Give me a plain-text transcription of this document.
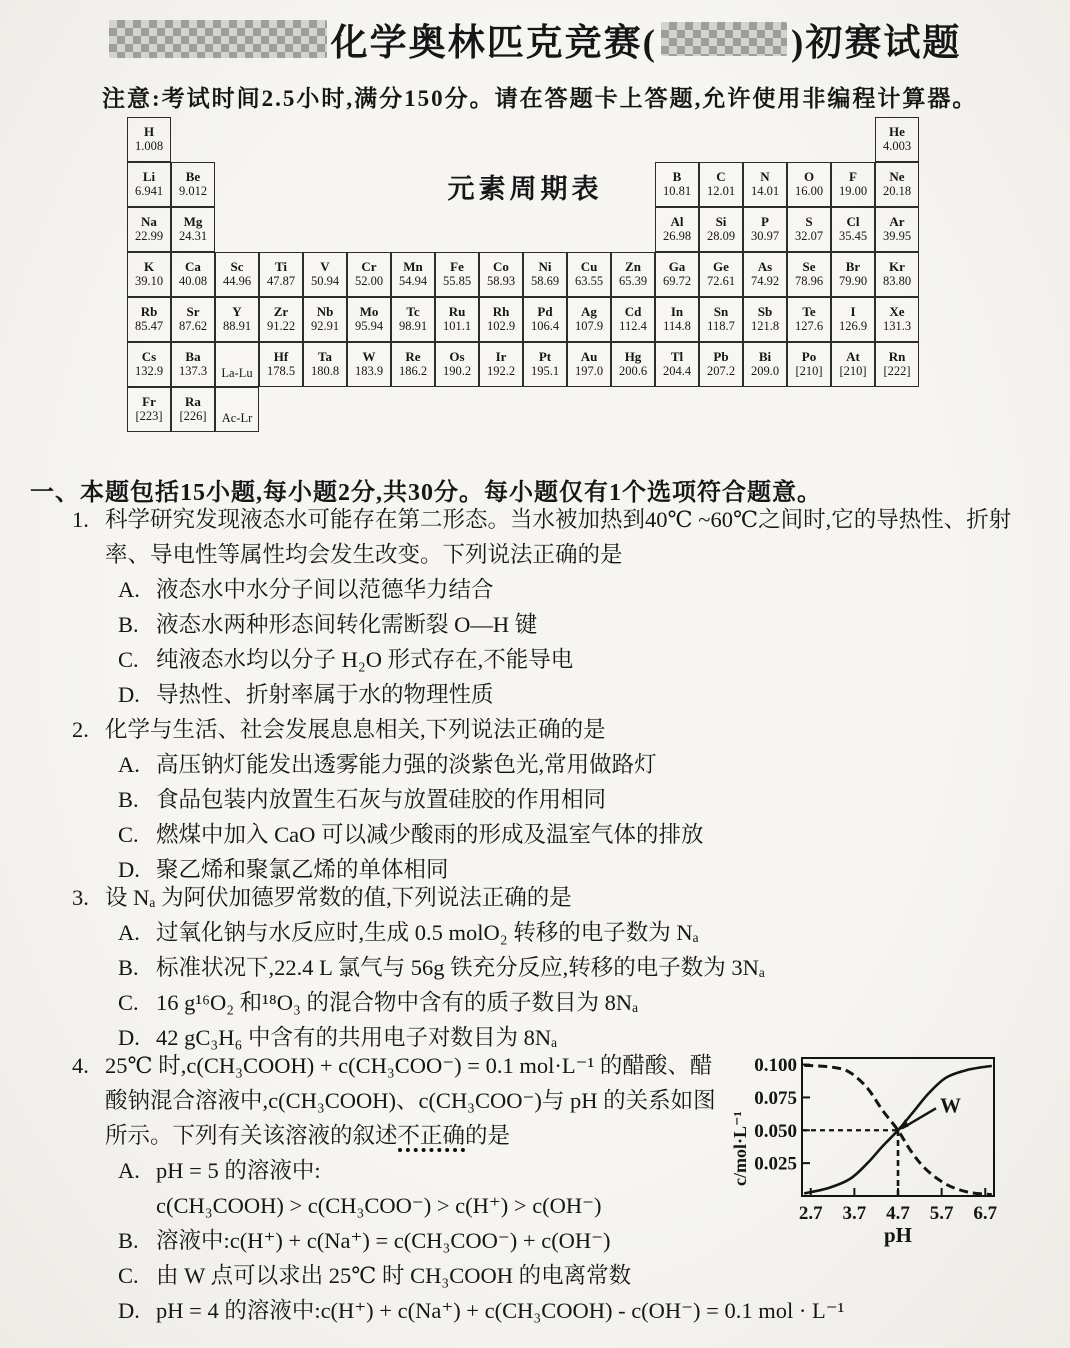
化学奥林匹克竞赛(	)初赛试题
注意:考试时间2.5小时,满分150分。请在答题卡上答题,允许使用非编程计算器。
元素周期表
H
1.008
He
4.003
Li
6.941
Be
9.012
B
10.81
C
12.01
N
14.01
O
16.00
F
19.00
Ne
20.18
Na
22.99
Mg
24.31
Al
26.98
Si
28.09
P
30.97
S
32.07
Cl
35.45
Ar
39.95
K
39.10
Ca
40.08
Sc
44.96
Ti
47.87
V
50.94
Cr
52.00
Mn
54.94
Fe
55.85
Co
58.93
Ni
58.69
Cu
63.55
Zn
65.39
Ga
69.72
Ge
72.61
As
74.92
Se
78.96
Br
79.90
Kr
83.80
Rb
85.47
Sr
87.62
Y
88.91
Zr
91.22
Nb
92.91
Mo
95.94
Tc
98.91
Ru
101.1
Rh
102.9
Pd
106.4
Ag
107.9
Cd
112.4
In
114.8
Sn
118.7
Sb
121.8
Te
127.6
I
126.9
Xe
131.3
Cs
132.9
Ba
137.3 La-Lu
Hf
178.5
Ta
180.8
W
183.9
Re
186.2
Os
190.2
Ir
192.2
Pt
195.1
Au
197.0
Hg
200.6
Tl
204.4
Pb
207.2
Bi
209.0
Po
[210]
At
[210]
Rn
[222]
Fr
[223]
Ra
[226] Ac-Lr
一、本题包括15小题,每小题2分,共30分。每小题仅有1个选项符合题意。
1. 科学研究发现液态水可能存在第二形态。当水被加热到40℃ ~60℃之间时,它的导热性、折射率、导电性等属性均会发生改变。下列说法正确的是
A. 液态水中水分子间以范德华力结合
B. 液态水两种形态间转化需断裂 O—H 键
C. 纯液态水均以分子 H₂O 形式存在,不能导电
D. 导热性、折射率属于水的物理性质
2. 化学与生活、社会发展息息相关,下列说法正确的是
A. 高压钠灯能发出透雾能力强的淡紫色光,常用做路灯
B. 食品包装内放置生石灰与放置硅胶的作用相同
C. 燃煤中加入 CaO 可以减少酸雨的形成及温室气体的排放
D. 聚乙烯和聚氯乙烯的单体相同
3. 设 Nₐ 为阿伏加德罗常数的值,下列说法正确的是
A. 过氧化钠与水反应时,生成 0.5 molO₂ 转移的电子数为 Nₐ
B. 标准状况下,22.4 L 氯气与 56g 铁充分反应,转移的电子数为 3Nₐ
C. 16 g¹⁶O₂ 和¹⁸O₃ 的混合物中含有的质子数目为 8Nₐ
D. 42 gC₃H₆ 中含有的共用电子对数目为 8Nₐ
0.100
0.075
0.050
0.025
2.7 3.7 4.7 5.7 6.7
c/mol·L⁻¹
pH
W
4. 25℃ 时,c(CH₃COOH) + c(CH₃COO⁻) = 0.1 mol·L⁻¹ 的醋酸、醋酸钠混合溶液中,c(CH₃COOH)、c(CH₃COO⁻)与 pH 的关系如图所示。下列有关该溶液的叙述不正确的是
A. pH = 5 的溶液中:
c(CH₃COOH) > c(CH₃COO⁻) > c(H⁺) > c(OH⁻)
B. 溶液中:c(H⁺) + c(Na⁺) = c(CH₃COO⁻) + c(OH⁻)
C. 由 W 点可以求出 25℃ 时 CH₃COOH 的电离常数
D. pH = 4 的溶液中:c(H⁺) + c(Na⁺) + c(CH₃COOH) - c(OH⁻) = 0.1 mol · L⁻¹
